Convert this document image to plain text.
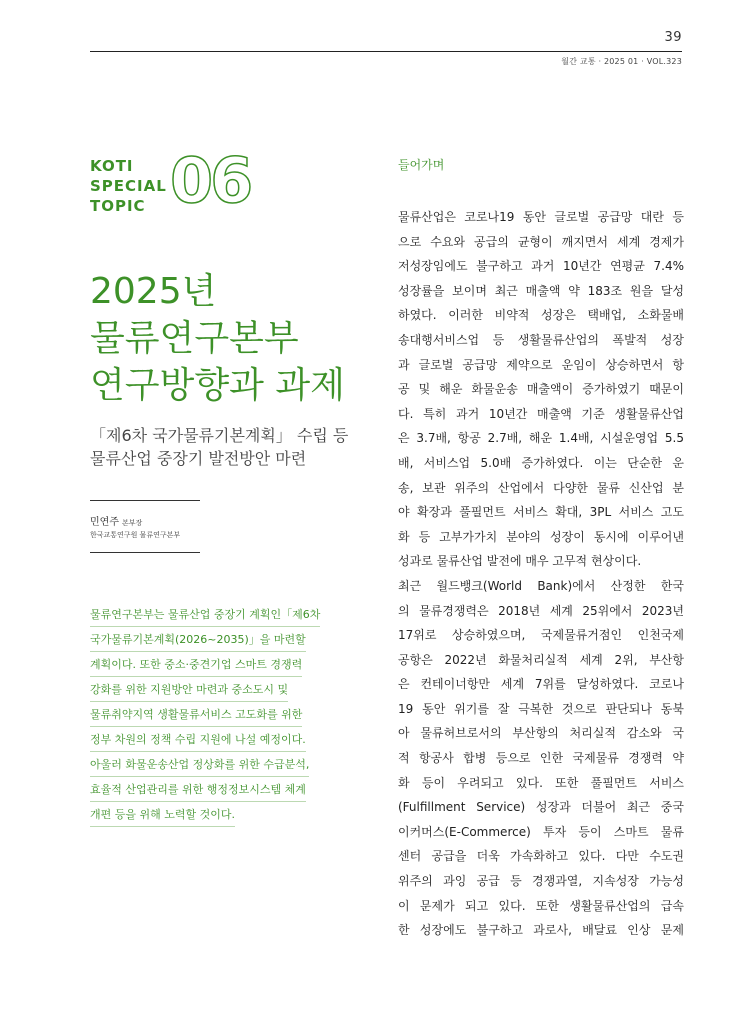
39
월간 교통 · 2025 01 · VOL.323
KOTI
SPECIAL
TOPIC 06
2025년
물류연구본부
연구방향과 과제
「제6차 국가물류기본계획」 수립 등
물류산업 중장기 발전방안 마련
민연주 본부장
한국교통연구원 물류연구본부
물류연구본부는 물류산업 중장기 계획인「제6차
국가물류기본계획(2026~2035)」을 마련할
계획이다. 또한 중소·중견기업 스마트 경쟁력
강화를 위한 지원방안 마련과 중소도시 및
물류취약지역 생활물류서비스 고도화를 위한
정부 차원의 정책 수립 지원에 나설 예정이다.
아울러 화물운송산업 정상화를 위한 수급분석,
효율적 산업관리를 위한 행정정보시스템 체계
개편 등을 위해 노력할 것이다.
들어가며
물류산업은 코로나19 동안 글로벌 공급망 대란 등
으로 수요와 공급의 균형이 깨지면서 세계 경제가
저성장임에도 불구하고 과거 10년간 연평균 7.4%
성장률을 보이며 최근 매출액 약 183조 원을 달성
하였다. 이러한 비약적 성장은 택배업, 소화물배
송대행서비스업 등 생활물류산업의 폭발적 성장
과 글로벌 공급망 제약으로 운임이 상승하면서 항
공 및 해운 화물운송 매출액이 증가하였기 때문이
다. 특히 과거 10년간 매출액 기준 생활물류산업
은 3.7배, 항공 2.7배, 해운 1.4배, 시설운영업 5.5
배, 서비스업 5.0배 증가하였다. 이는 단순한 운
송, 보관 위주의 산업에서 다양한 물류 신산업 분
야 확장과 풀필먼트 서비스 확대, 3PL 서비스 고도
화 등 고부가가치 분야의 성장이 동시에 이루어낸
성과로 물류산업 발전에 매우 고무적 현상이다.
최근 월드뱅크(World Bank)에서 산정한 한국
의 물류경쟁력은 2018년 세계 25위에서 2023년
17위로 상승하였으며, 국제물류거점인 인천국제
공항은 2022년 화물처리실적 세계 2위, 부산항
은 컨테이너항만 세계 7위를 달성하였다. 코로나
19 동안 위기를 잘 극복한 것으로 판단되나 동북
아 물류허브로서의 부산항의 처리실적 감소와 국
적 항공사 합병 등으로 인한 국제물류 경쟁력 약
화 등이 우려되고 있다. 또한 풀필먼트 서비스
(Fulfillment Service) 성장과 더불어 최근 중국
이커머스(E-Commerce) 투자 등이 스마트 물류
센터 공급을 더욱 가속화하고 있다. 다만 수도권
위주의 과잉 공급 등 경쟁과열, 지속성장 가능성
이 문제가 되고 있다. 또한 생활물류산업의 급속
한 성장에도 불구하고 과로사, 배달료 인상 문제
